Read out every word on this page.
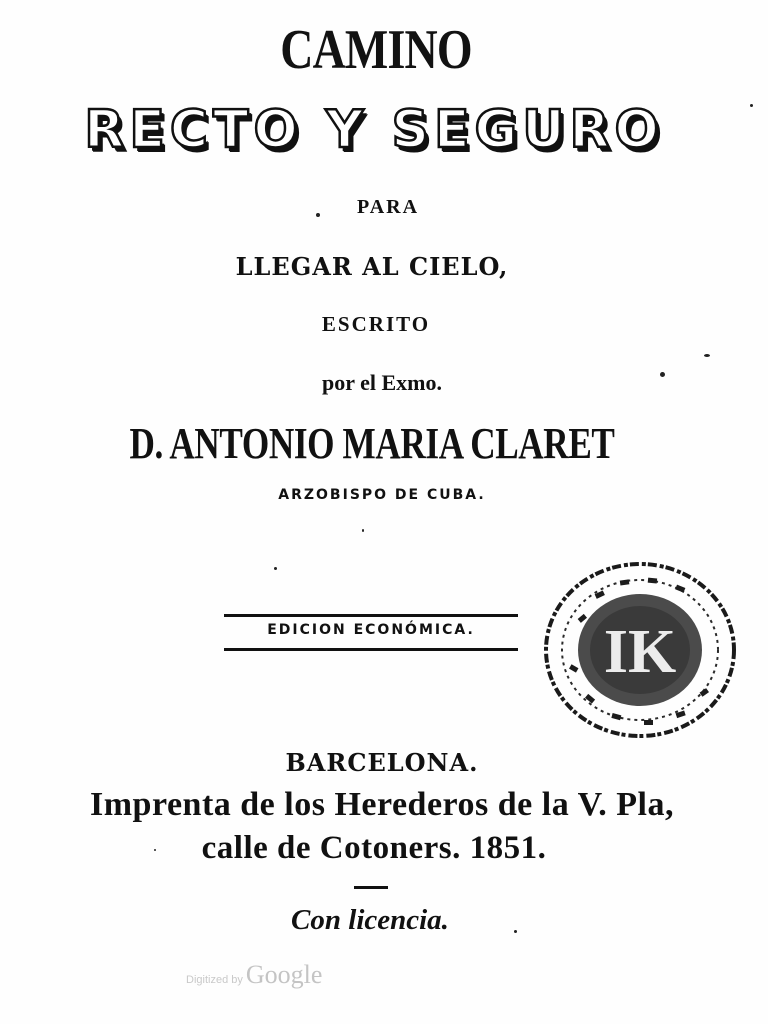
CAMINO
RECTO Y SEGURO
PARA
LLEGAR AL CIELO,
ESCRITO
por el Exmo.
D. ANTONIO MARIA CLARET
ARZOBISPO DE CUBA.
EDICION ECONÓMICA.	IK
BARCELONA.
Imprenta de los Herederos de la V. Pla,
calle de Cotoners. 1851.
Con licencia.
Digitized by Google
